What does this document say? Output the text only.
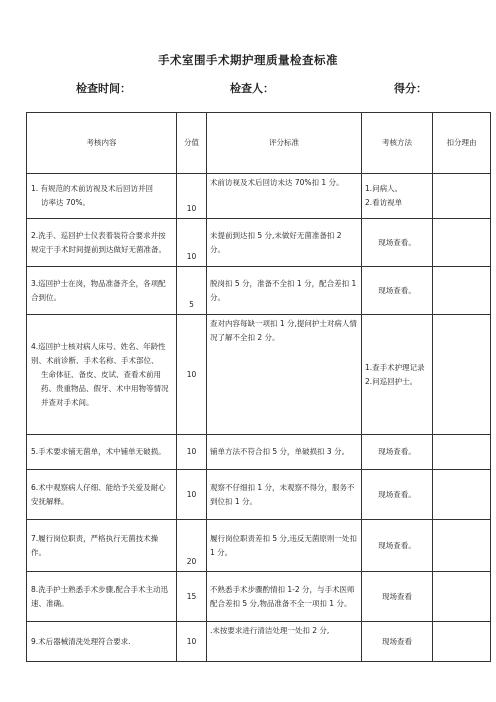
手术室围手术期护理质量检查标准
检查时间：	检查人：	得分：
考核内容	分值	评分标准	考核方法	扣分理由

1. 有规范的术前访视及术后回访并回
访率达 70%。	10	术前访视及术后回访未达 70%扣 1 分。	1.问病人。
2.看访视单	

2.洗手、巡回护士仪表着装符合要求并按规定于手术时间提前到达做好无菌准备。	10	未提前到达扣 5 分,未做好无菌准备扣 2 分。	现场查看。	
3.巡回护士在岗，物品准备齐全，各项配合到位。	5	脱岗扣 5 分，准备不全扣 1 分，配合差扣 1 分。	现场查看。	

4.巡回护士核对病人床号、姓名、年龄性别、术前诊断、手术名称、手术部位、
生命体征、备皮、皮试、查看术前用药、贵重物品、假牙、术中用物等情况并查对手术间。	10	查对内容每缺一项扣 1 分,提问护士对病人情况了解不全扣 2 分。	1.查手术护理记录
2.问巡回护士。	

5.手术要求铺无菌单，术中铺单无破损。	10	铺单方法不符合扣 5 分，单破损扣 3 分。	现场查看。	
6.术中观察病人仔细、能给予关爱及耐心安抚解释。	10	观察不仔细扣 1 分，未观察不得分，服务不到位扣 1 分。	现场查看。	
7.履行岗位职责，严格执行无菌技术操作。	20	履行岗位职责差扣 5 分,违反无菌原则一处扣 1 分。	现场查看。	
8.洗手护士熟悉手术步骤,配合手术主动迅速、准确。	15	不熟悉手术步骤酌情扣 1-2 分，与手术医师配合差扣 5 分,物品准备不全一项扣 1 分。	现场查看	
9.术后器械清洗处理符合要求.	10	.未按要求进行清洁处理一处扣 2 分,	现场查看	
